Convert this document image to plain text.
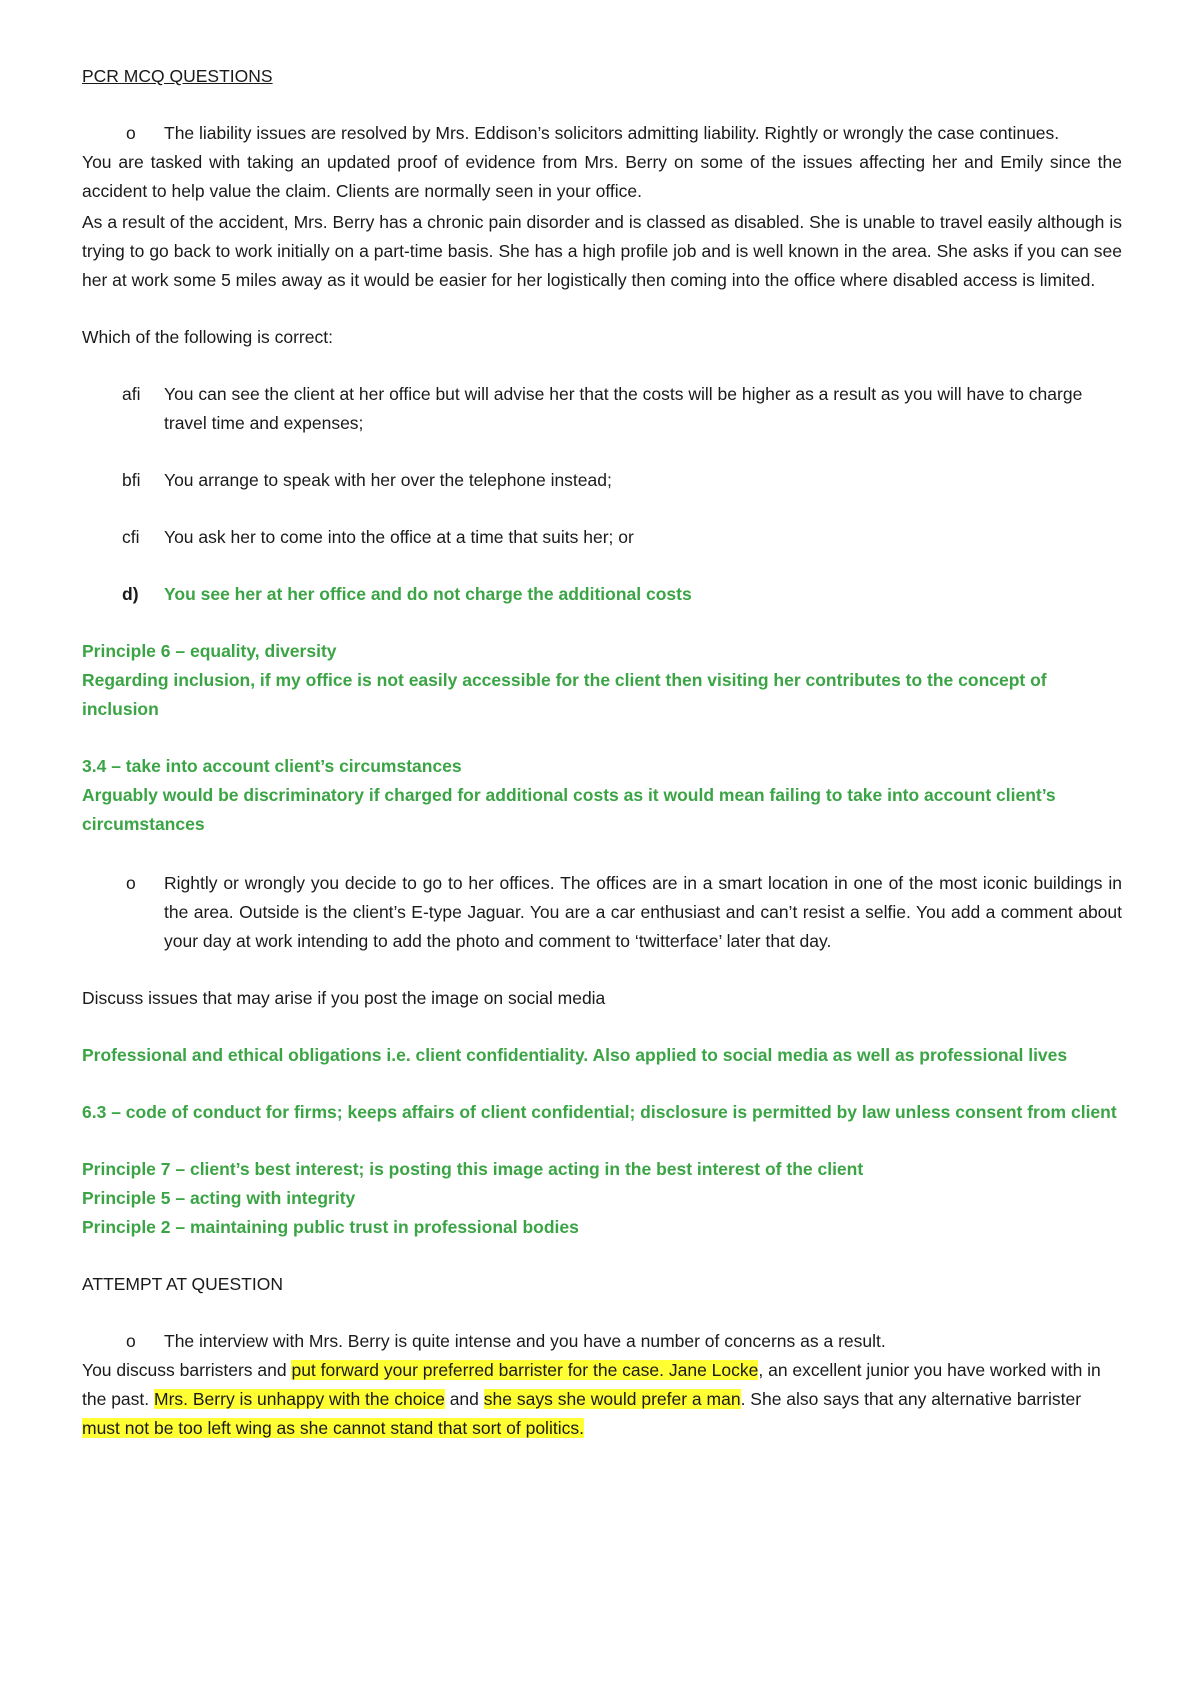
PCR MCQ QUESTIONS

o The liability issues are resolved by Mrs. Eddison’s solicitors admitting liability. Rightly or wrongly the case continues.

You are tasked with taking an updated proof of evidence from Mrs. Berry on some of the issues affecting her and Emily since the accident to help value the claim. Clients are normally seen in your office.

As a result of the accident, Mrs. Berry has a chronic pain disorder and is classed as disabled. She is unable to travel easily although is trying to go back to work initially on a part-time basis. She has a high profile job and is well known in the area. She asks if you can see her at work some 5 miles away as it would be easier for her logistically then coming into the office where disabled access is limited.

Which of the following is correct:

aﬁ You can see the client at her office but will advise her that the costs will be higher as a result as you will have to charge travel time and expenses;

bﬁ You arrange to speak with her over the telephone instead;

cﬁ You ask her to come into the office at a time that suits her; or

d) You see her at her office and do not charge the additional costs

Principle 6 – equality, diversity

Regarding inclusion, if my office is not easily accessible for the client then visiting her contributes to the concept of inclusion

3.4 – take into account client’s circumstances

Arguably would be discriminatory if charged for additional costs as it would mean failing to take into account client’s circumstances

o Rightly or wrongly you decide to go to her offices. The offices are in a smart location in one of the most iconic buildings in the area. Outside is the client’s E-type Jaguar. You are a car enthusiast and can’t resist a selfie. You add a comment about your day at work intending to add the photo and comment to ‘twitterface’ later that day.

Discuss issues that may arise if you post the image on social media

Professional and ethical obligations i.e. client confidentiality. Also applied to social media as well as professional lives

6.3 – code of conduct for firms; keeps affairs of client confidential; disclosure is permitted by law unless consent from client

Principle 7 – client’s best interest; is posting this image acting in the best interest of the client

Principle 5 – acting with integrity

Principle 2 – maintaining public trust in professional bodies

ATTEMPT AT QUESTION

o The interview with Mrs. Berry is quite intense and you have a number of concerns as a result.

You discuss barristers and put forward your preferred barrister for the case. Jane Locke, an excellent junior you have worked with in the past. Mrs. Berry is unhappy with the choice and she says she would prefer a man. She also says that any alternative barrister must not be too left wing as she cannot stand that sort of politics.
